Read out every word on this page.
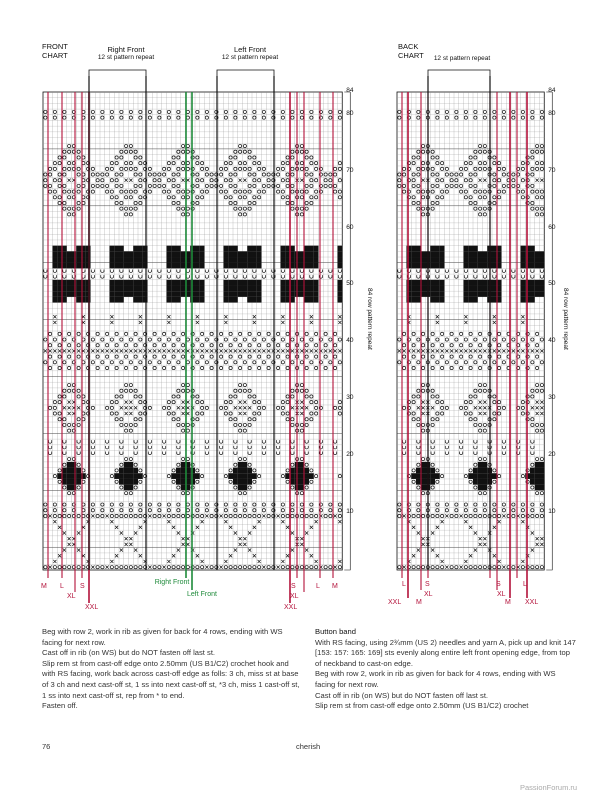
FRONT
CHART
Right Front
12 st pattern repeat
Left Front
12 st pattern repeat
BACK
CHART	12 st pattern repeat
84
80
70
60
50
40
30
20
10
84
80
70
60
50
40
30
20
10
84 row pattern repeat	84 row pattern repeat
M L S	S	L M
XL
XXL	XXL
XL
Right Front
Left Front
L	S	S	L
XXL M
XL	XL
M XXL

Beg with row 2, work in rib as given for back for 4 rows, ending with WS facing for next row.

Cast off in rib (on WS) but do NOT fasten off last st.

Slip rem st from cast-off edge onto 2.50mm (US B1/C2) crochet hook and with RS facing, work back across cast-off edge as folls: 3 ch, miss st at base of 3 ch and next cast-off st, 1 ss into next cast-off st, *3 ch, miss 1 cast-off st, 1 ss into next cast-off st, rep from * to end.

Fasten off.

Button band

With RS facing, using 2¾mm (US 2) needles and yarn A, pick up and knit 147 [153: 157: 165: 169] sts evenly along entire left front opening edge, from top of neckband to cast-on edge.

Beg with row 2, work in rib as given for back for 4 rows, ending with WS facing for next row.

Cast off in rib (on WS) but do NOT fasten off last st.

Slip rem st from cast-off edge onto 2.50mm (US B1/C2) crochet

76	cherish
PassionForum.ru
